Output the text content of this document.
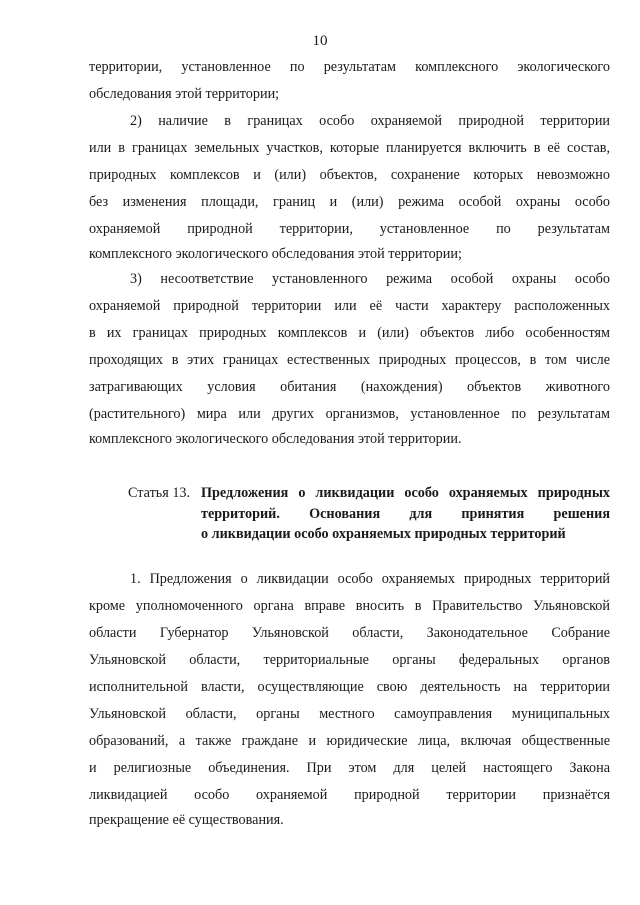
10
территории, установленное по результатам комплексного экологического
обследования этой территории;
2) наличие в границах особо охраняемой природной территории
или в границах земельных участков, которые планируется включить в её состав,
природных комплексов и (или) объектов, сохранение которых невозможно
без изменения площади, границ и (или) режима особой охраны особо
охраняемой природной территории, установленное по результатам
комплексного экологического обследования этой территории;
3) несоответствие установленного режима особой охраны особо
охраняемой природной территории или её части характеру расположенных
в их границах природных комплексов и (или) объектов либо особенностям
проходящих в этих границах естественных природных процессов, в том числе
затрагивающих условия обитания (нахождения) объектов животного
(растительного) мира или других организмов, установленное по результатам
комплексного экологического обследования этой территории.
Статья 13. Предложения о ликвидации особо охраняемых природных
территорий. Основания для принятия решения
о ликвидации особо охраняемых природных территорий
1. Предложения о ликвидации особо охраняемых природных территорий
кроме уполномоченного органа вправе вносить в Правительство Ульяновской
области Губернатор Ульяновской области, Законодательное Собрание
Ульяновской области, территориальные органы федеральных органов
исполнительной власти, осуществляющие свою деятельность на территории
Ульяновской области, органы местного самоуправления муниципальных
образований, а также граждане и юридические лица, включая общественные
и религиозные объединения. При этом для целей настоящего Закона
ликвидацией особо охраняемой природной территории признаётся
прекращение её существования.
